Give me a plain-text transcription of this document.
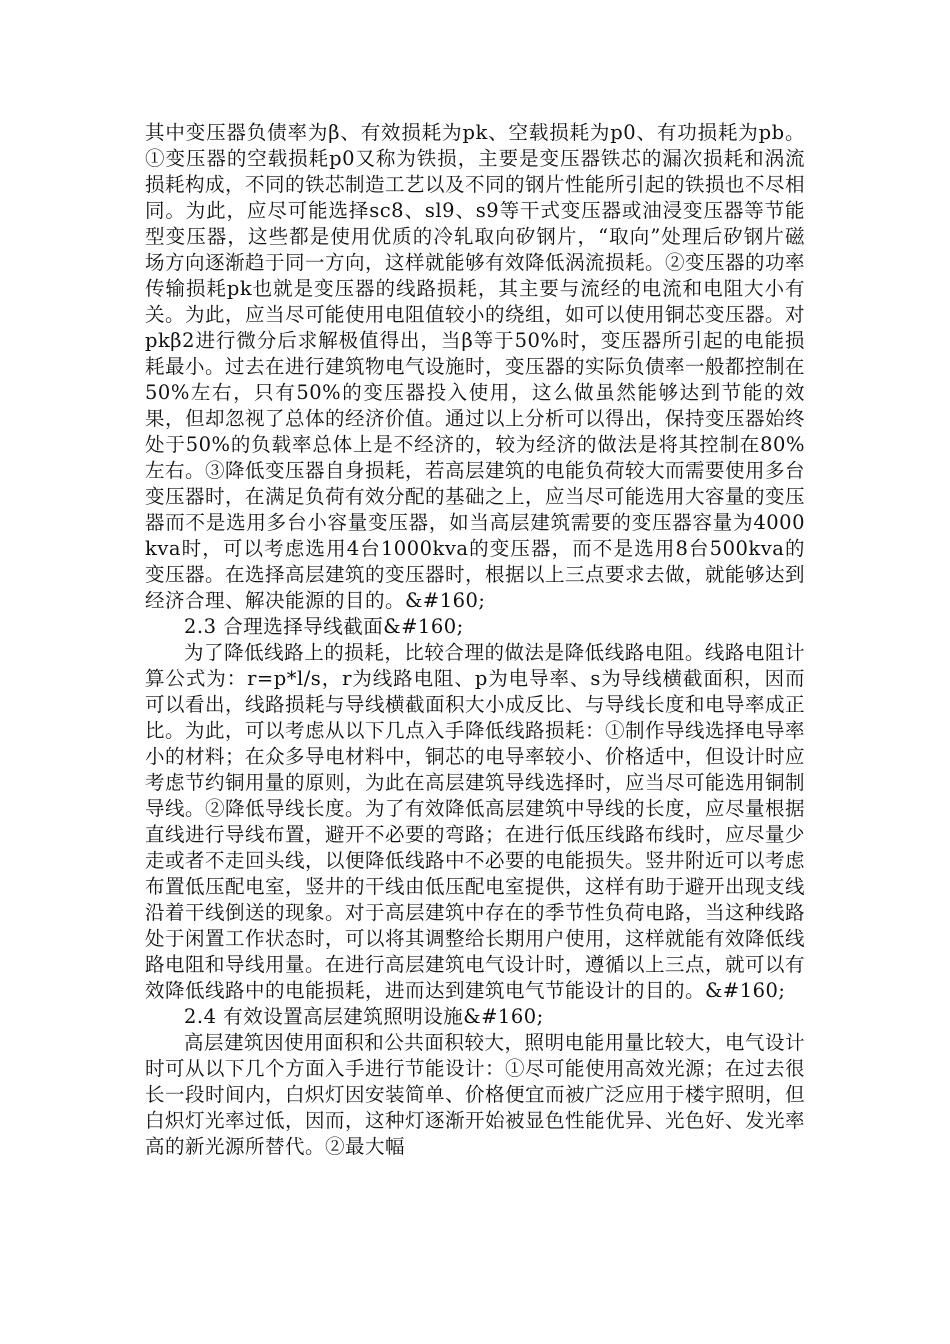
其中变压器负债率为β、有效损耗为pk、空载损耗为p0、有功损耗为pb。①变压器的空载损耗p0又称为铁损，主要是变压器铁芯的漏次损耗和涡流损耗构成，不同的铁芯制造工艺以及不同的钢片性能所引起的铁损也不尽相同。为此，应尽可能选择sc8、sl9、s9等干式变压器或油浸变压器等节能型变压器，这些都是使用优质的冷轧取向矽钢片，“取向”处理后矽钢片磁场方向逐渐趋于同一方向，这样就能够有效降低涡流损耗。②变压器的功率传输损耗pk也就是变压器的线路损耗，其主要与流经的电流和电阻大小有关。为此，应当尽可能使用电阻值较小的绕组，如可以使用铜芯变压器。对pkβ2进行微分后求解极值得出，当β等于50%时，变压器所引起的电能损耗最小。过去在进行建筑物电气设施时，变压器的实际负债率一般都控制在50%左右，只有50%的变压器投入使用，这么做虽然能够达到节能的效果，但却忽视了总体的经济价值。通过以上分析可以得出，保持变压器始终处于50%的负载率总体上是不经济的，较为经济的做法是将其控制在80%左右。③降低变压器自身损耗，若高层建筑的电能负荷较大而需要使用多台变压器时，在满足负荷有效分配的基础之上，应当尽可能选用大容量的变压器而不是选用多台小容量变压器，如当高层建筑需要的变压器容量为4000kva时，可以考虑选用4台1000kva的变压器，而不是选用8台500kva的变压器。在选择高层建筑的变压器时，根据以上三点要求去做，就能够达到经济合理、解决能源的目的。&#160;

2.3 合理选择导线截面&#160;

为了降低线路上的损耗，比较合理的做法是降低线路电阻。线路电阻计算公式为：r=p*l/s，r为线路电阻、p为电导率、s为导线横截面积，因而可以看出，线路损耗与导线横截面积大小成反比、与导线长度和电导率成正比。为此，可以考虑从以下几点入手降低线路损耗：①制作导线选择电导率小的材料；在众多导电材料中，铜芯的电导率较小、价格适中，但设计时应考虑节约铜用量的原则，为此在高层建筑导线选择时，应当尽可能选用铜制导线。②降低导线长度。为了有效降低高层建筑中导线的长度，应尽量根据直线进行导线布置，避开不必要的弯路；在进行低压线路布线时，应尽量少走或者不走回头线，以便降低线路中不必要的电能损失。竖井附近可以考虑布置低压配电室，竖井的干线由低压配电室提供，这样有助于避开出现支线沿着干线倒送的现象。对于高层建筑中存在的季节性负荷电路，当这种线路处于闲置工作状态时，可以将其调整给长期用户使用，这样就能有效降低线路电阻和导线用量。在进行高层建筑电气设计时，遵循以上三点，就可以有效降低线路中的电能损耗，进而达到建筑电气节能设计的目的。&#160;

2.4 有效设置高层建筑照明设施&#160;

高层建筑因使用面积和公共面积较大，照明电能用量比较大，电气设计时可从以下几个方面入手进行节能设计：①尽可能使用高效光源；在过去很长一段时间内，白炽灯因安装简单、价格便宜而被广泛应用于楼宇照明，但白炽灯光率过低，因而，这种灯逐渐开始被显色性能优异、光色好、发光率高的新光源所替代。②最大幅
